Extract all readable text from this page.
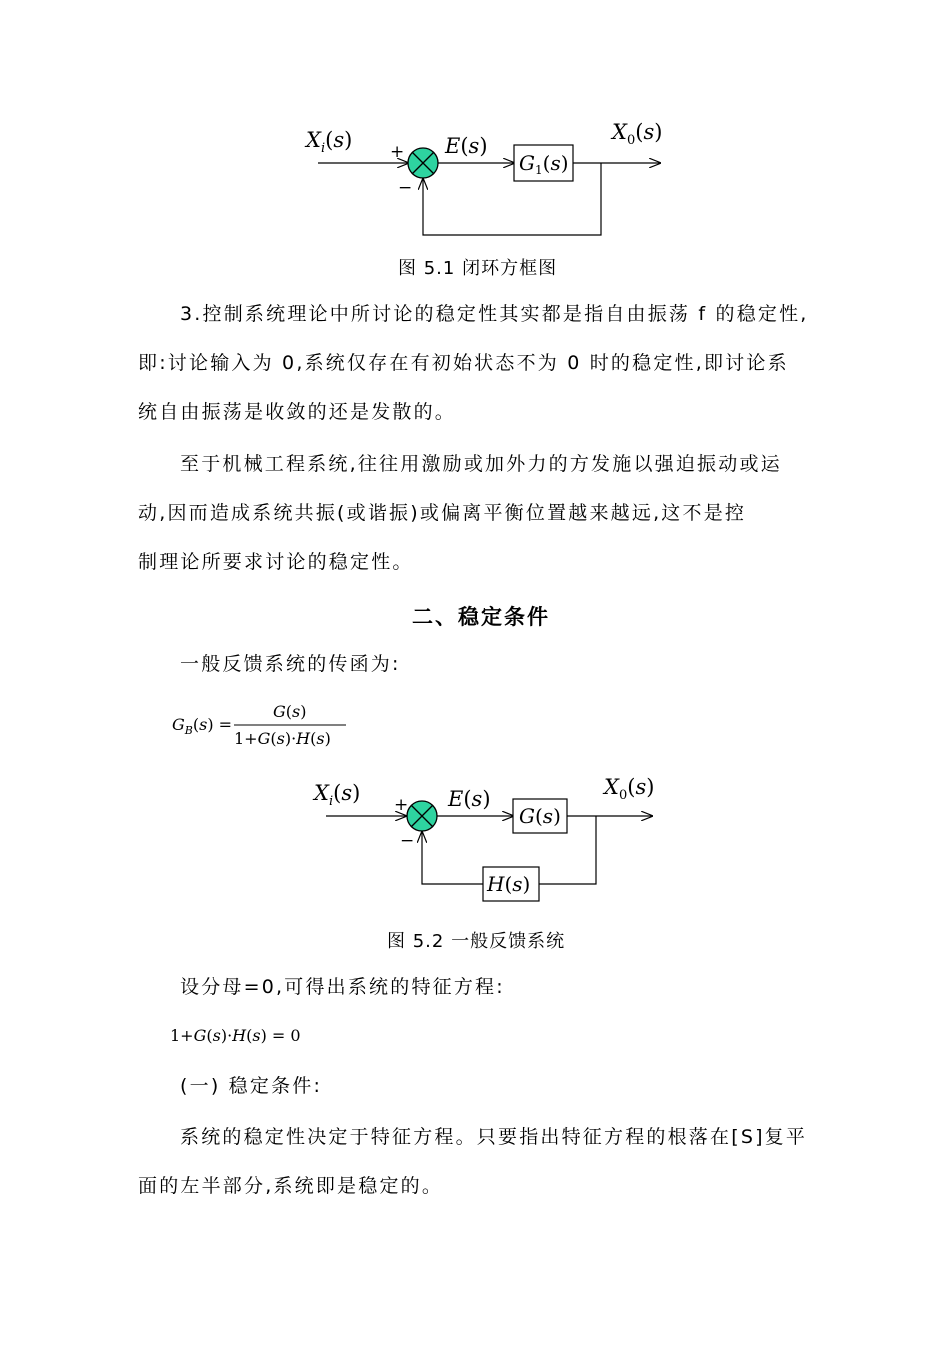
$X_i(s)$ +
−
E(s)
$G_1(s)$
$X_0(s)$
图 5.1 闭环方框图
3.控制系统理论中所讨论的稳定性其实都是指自由振荡 f 的稳定性,
即:讨论输入为 0,系统仅存在有初始状态不为 0 时的稳定性,即讨论系
统自由振荡是收敛的还是发散的。
至于机械工程系统,往往用激励或加外力的方发施以强迫振动或运
动,因而造成系统共振(或谐振)或偏离平衡位置越来越远,这不是控
制理论所要求讨论的稳定性。
二、稳定条件
一般反馈系统的传函为:
$G_B(s)$ =
G(s)
1+G(s)·H(s)
$X_i(s)$ +
−
E(s)
G(s)
H(s)
$X_0(s)$
图 5.2 一般反馈系统
设分母=0,可得出系统的特征方程:
1+G(s)·H(s) = 0
(一) 稳定条件:
系统的稳定性决定于特征方程。只要指出特征方程的根落在[S]复平
面的左半部分,系统即是稳定的。
